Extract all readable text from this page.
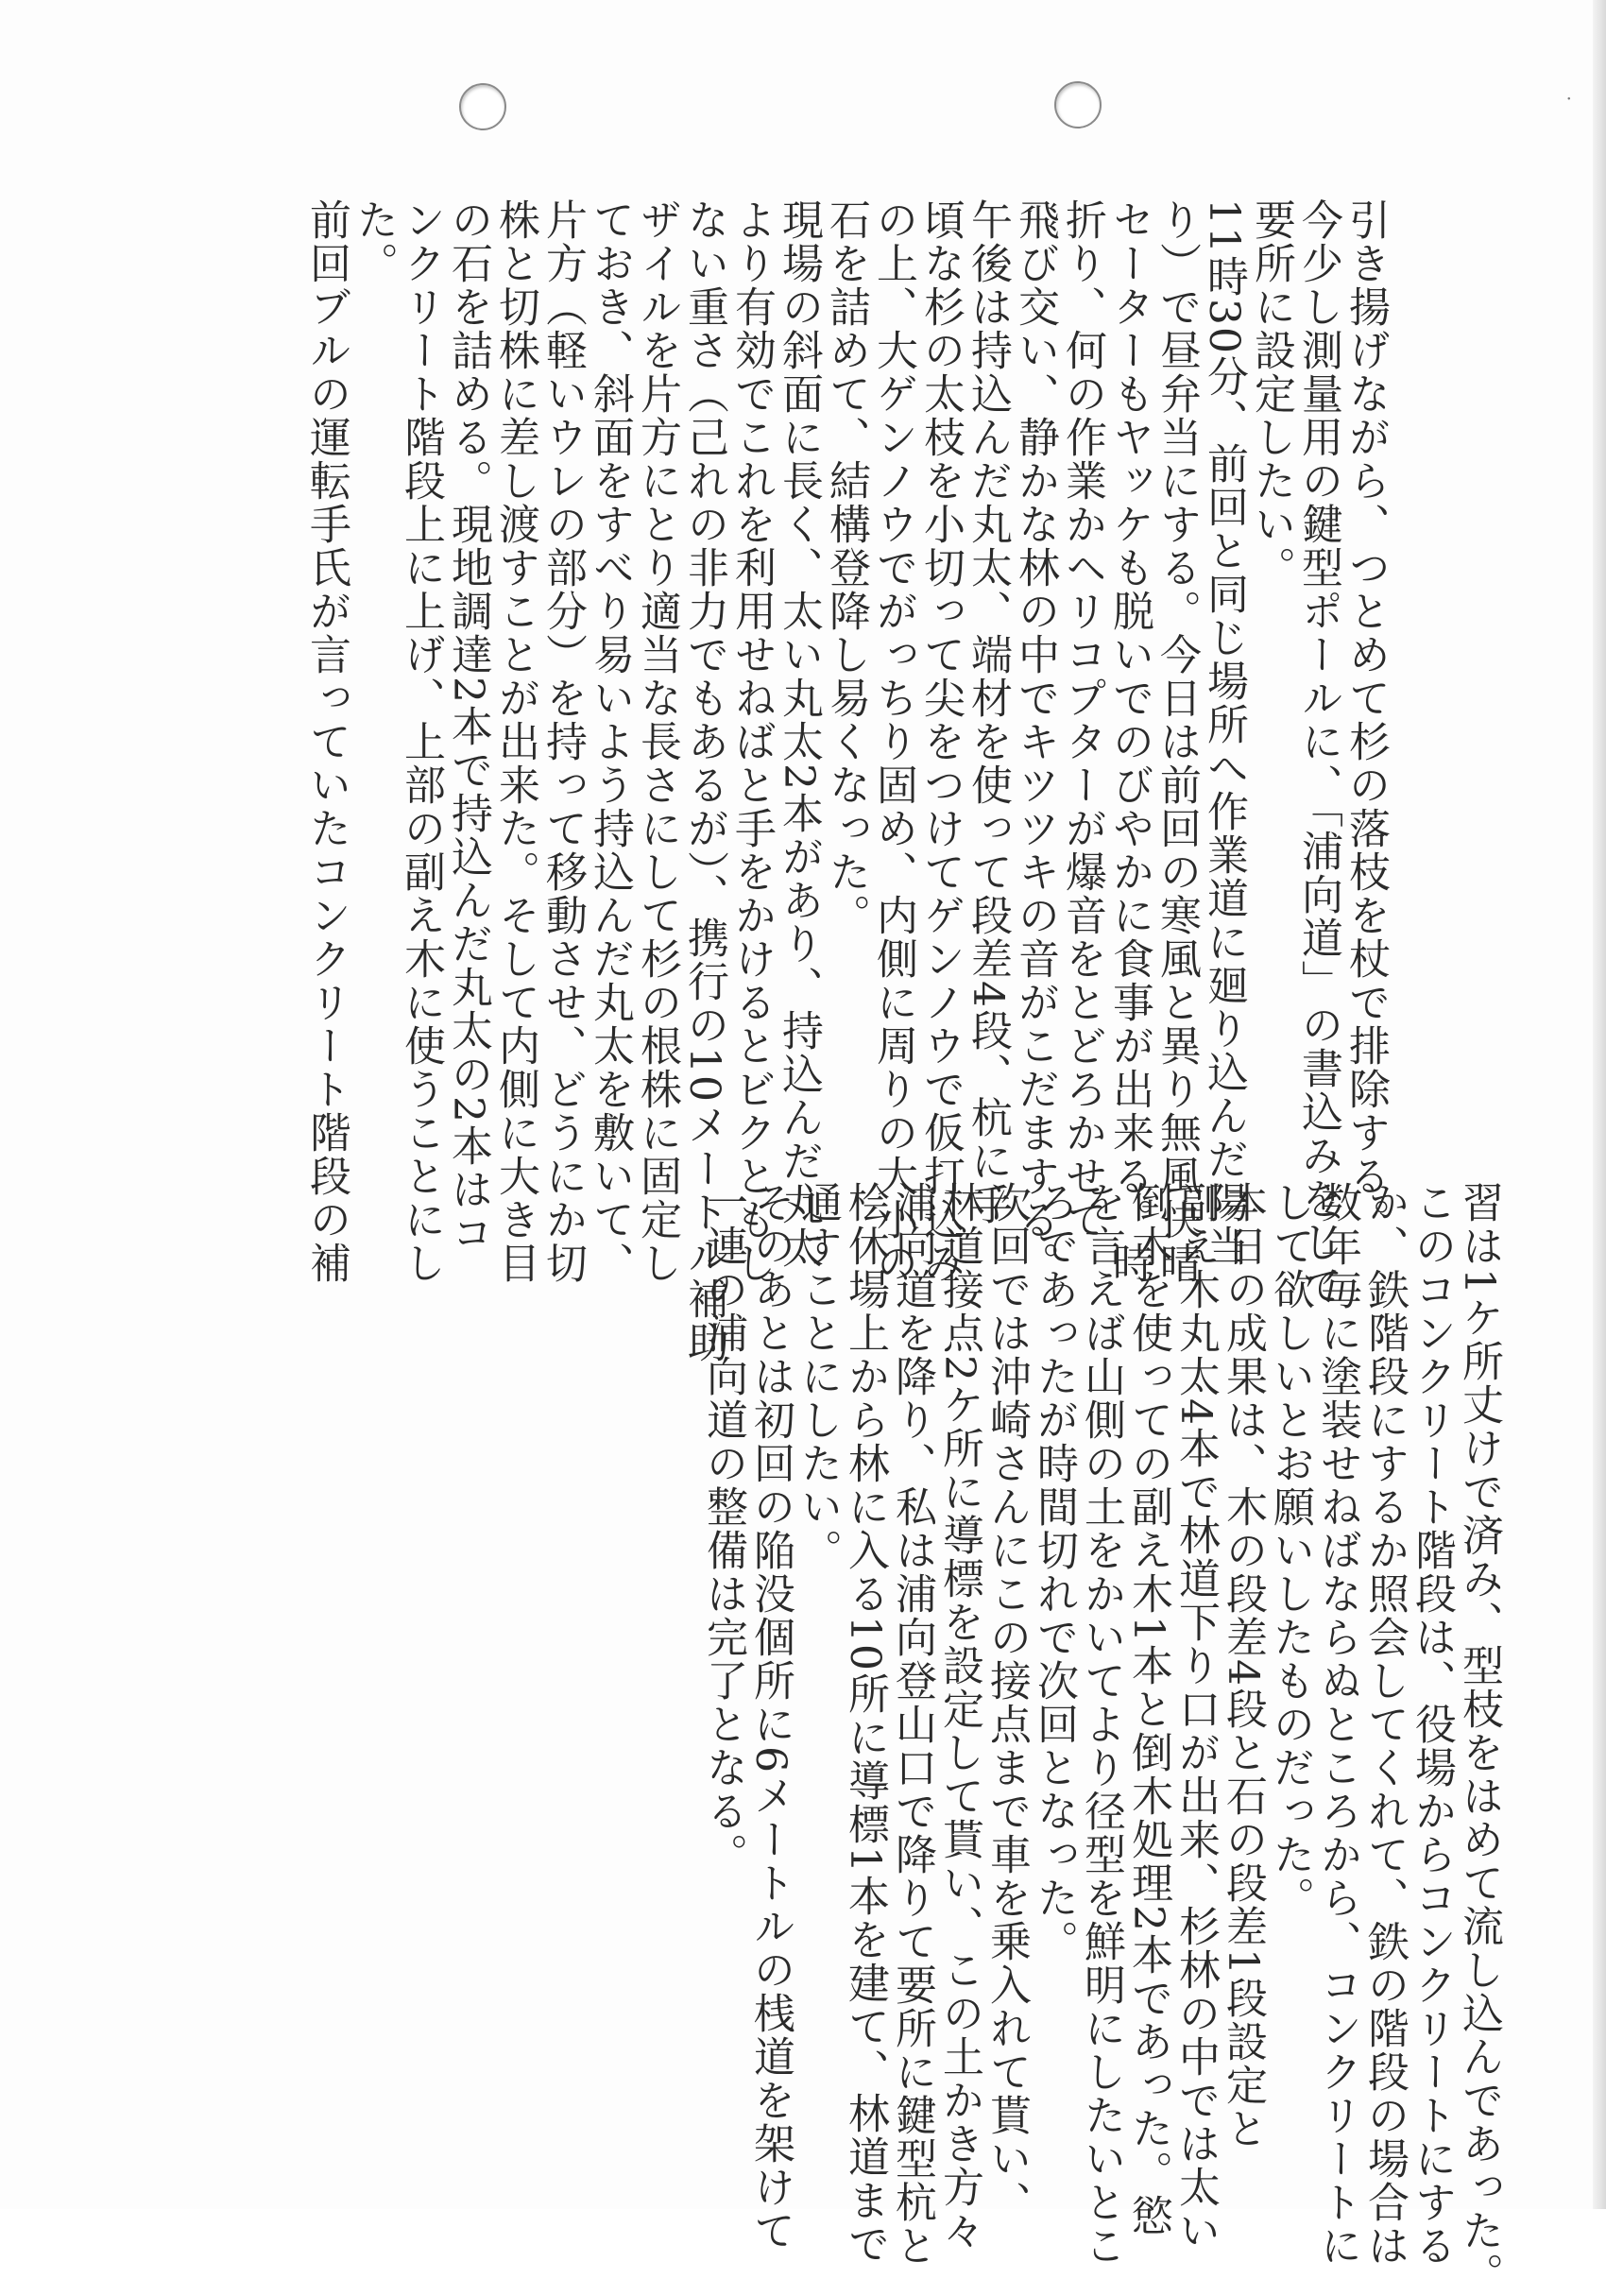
引き揚げながら、つとめて杉の落枝を杖で排除する。
今少し測量用の鍵型ポールに、「浦向道」の書込みをして
要所に設定したい。
11時30分、前回と同じ場所へ作業道に廻り込んだ陽当
り）で昼弁当にする。今日は前回の寒風と異り無風快晴
セーターもヤッケも脱いでのびやかに食事が出来る。時
折り、何の作業かヘリコプターが爆音をとどろかせて
飛び交い、静かな林の中でキツツキの音がこだまする。
午後は持込んだ丸太、端材を使って段差4段、杭に手
頃な杉の太枝を小切って尖をつけてゲンノウで仮打込み
の上、大ゲンノウでがっちり固め、内側に周りの大小の
石を詰めて、結構登降し易くなった。
現場の斜面に長く、太い丸太2本があり、持込んだ丸太
より有効でこれを利用せねばと手をかけるとビクともし
ない重さ（己れの非力でもあるが）、携行の10メートル補助
ザイルを片方にとり適当な長さにして杉の根株に固定し
ておき、斜面をすべり易いよう持込んだ丸太を敷いて、
片方（軽いウレの部分）を持って移動させ、どうにか切
株と切株に差し渡すことが出来た。そして内側に大き目
の石を詰める。現地調達2本で持込んだ丸太の2本はコ
ンクリート階段上に上げ、上部の副え木に使うことにし
た。
前回ブルの運転手氏が言っていたコンクリート階段の補
習は1ケ所丈けで済み、型枝をはめて流し込んであった。
このコンクリート階段は、役場からコンクリートにする
か、鉄階段にするか照会してくれて、鉄の階段の場合は
数年毎に塗装せねばならぬところから、コンクリートに
して欲しいとお願いしたものだった。
本日の成果は、木の段差4段と石の段差1段設定と
副え木丸太4本で林道下り口が出来、杉林の中では太い
倒木を使っての副え木1本と倒木処理2本であった。慾
を言えば山側の土をかいてより径型を鮮明にしたいとこ
ろであったが時間切れで次回となった。
次回では沖崎さんにこの接点まで車を乗入れて貰い、
林道接点2ケ所に導標を設定して貰い、この土かき方々
浦向道を降り、私は浦向登山口で降りて要所に鍵型杭と
桧休場上から林に入る10所に導標1本を建て、林道まで
通すことにしたい。
そのあとは初回の陥没個所に6メートルの桟道を架けて
一連の浦向道の整備は完了となる。
·
